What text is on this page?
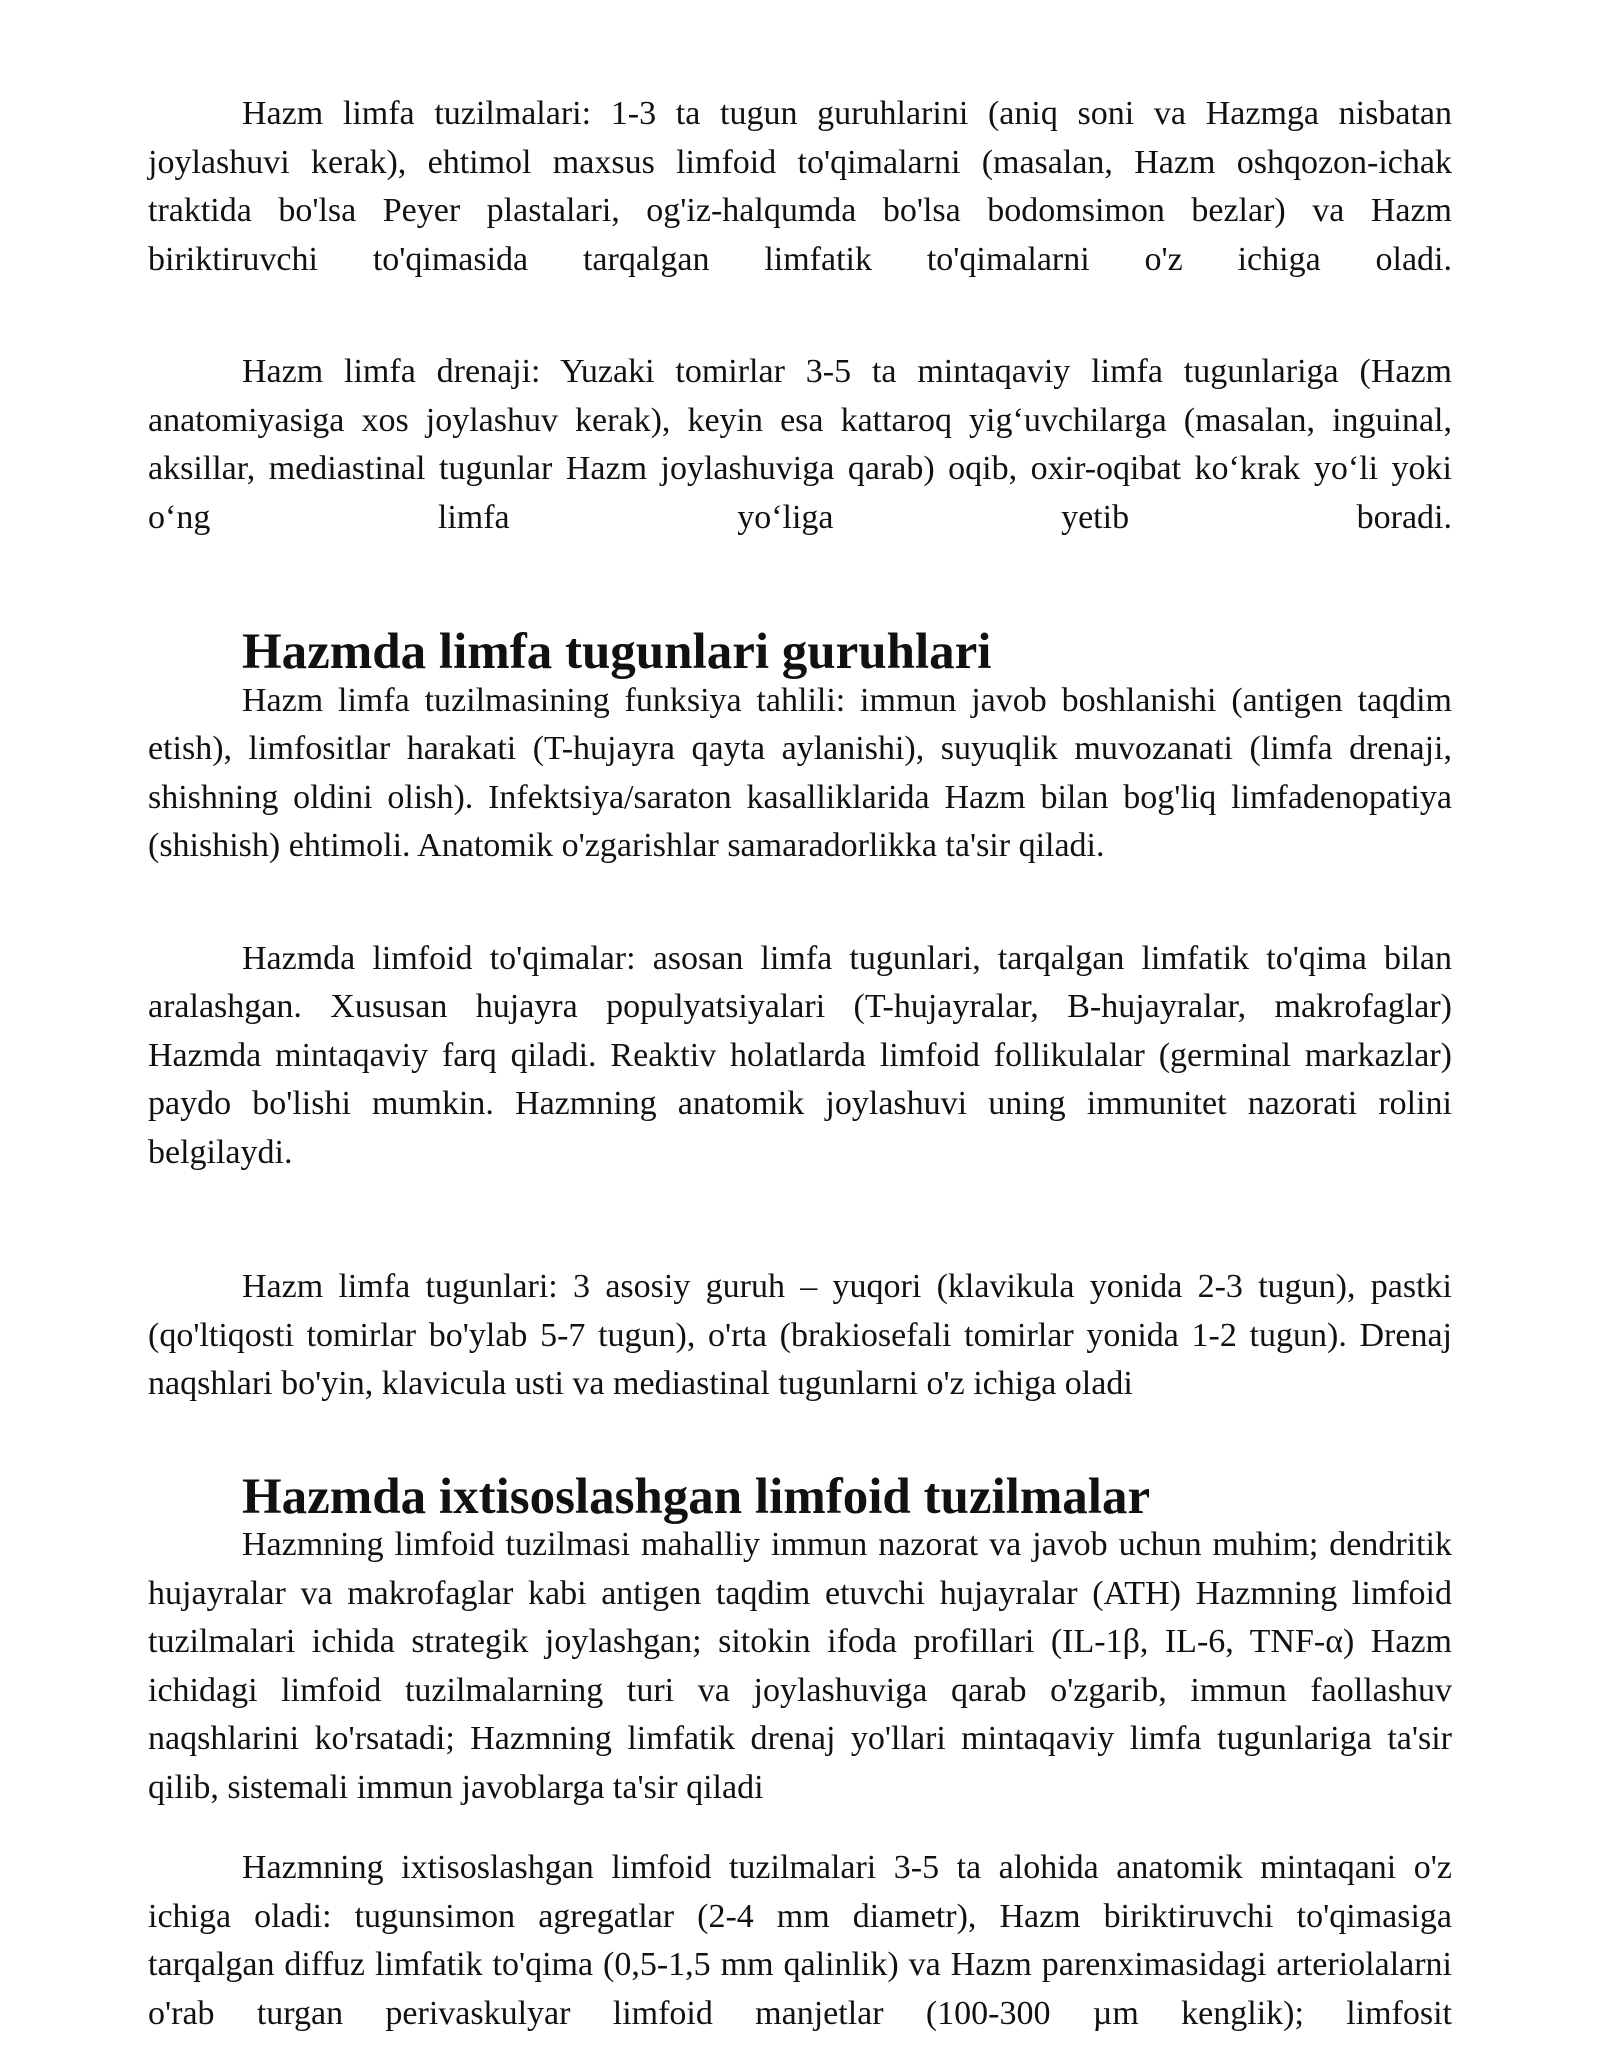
Hazm limfa tuzilmalari: 1-3 ta tugun guruhlarini (aniq soni va Hazmga nisbatan joylashuvi kerak), ehtimol maxsus limfoid to'qimalarni (masalan, Hazm oshqozon-ichak traktida bo'lsa Peyer plastalari, og'iz-halqumda bo'lsa bodomsimon bezlar) va Hazm biriktiruvchi to'qimasida tarqalgan limfatik to'qimalarni o'z ichiga oladi.

Hazm limfa drenaji: Yuzaki tomirlar 3-5 ta mintaqaviy limfa tugunlariga (Hazm anatomiyasiga xos joylashuv kerak), keyin esa kattaroq yig‘uvchilarga (masalan, inguinal, aksillar, mediastinal tugunlar Hazm joylashuviga qarab) oqib, oxir-oqibat ko‘krak yo‘li yoki o‘ng limfa yo‘liga yetib boradi.

Hazmda limfa tugunlari guruhlari

Hazm limfa tuzilmasining funksiya tahlili: immun javob boshlanishi (antigen taqdim etish), limfositlar harakati (T-hujayra qayta aylanishi), suyuqlik muvozanati (limfa drenaji, shishning oldini olish). Infektsiya/saraton kasalliklarida Hazm bilan bog'liq limfadenopatiya (shishish) ehtimoli. Anatomik o'zgarishlar samaradorlikka ta'sir qiladi.

Hazmda limfoid to'qimalar: asosan limfa tugunlari, tarqalgan limfatik to'qima bilan aralashgan. Xususan hujayra populyatsiyalari (T-hujayralar, B-hujayralar, makrofaglar) Hazmda mintaqaviy farq qiladi. Reaktiv holatlarda limfoid follikulalar (germinal markazlar) paydo bo'lishi mumkin. Hazmning anatomik joylashuvi uning immunitet nazorati rolini belgilaydi.

Hazm limfa tugunlari: 3 asosiy guruh – yuqori (klavikula yonida 2-3 tugun), pastki (qo'ltiqosti tomirlar bo'ylab 5-7 tugun), o'rta (brakiosefali tomirlar yonida 1-2 tugun). Drenaj naqshlari bo'yin, klavicula usti va mediastinal tugunlarni o'z ichiga oladi

Hazmda ixtisoslashgan limfoid tuzilmalar

Hazmning limfoid tuzilmasi mahalliy immun nazorat va javob uchun muhim; dendritik hujayralar va makrofaglar kabi antigen taqdim etuvchi hujayralar (ATH) Hazmning limfoid tuzilmalari ichida strategik joylashgan; sitokin ifoda profillari (IL-1β, IL-6, TNF-α) Hazm ichidagi limfoid tuzilmalarning turi va joylashuviga qarab o'zgarib, immun faollashuv naqshlarini ko'rsatadi; Hazmning limfatik drenaj yo'llari mintaqaviy limfa tugunlariga ta'sir qilib, sistemali immun javoblarga ta'sir qiladi

Hazmning ixtisoslashgan limfoid tuzilmalari 3-5 ta alohida anatomik mintaqani o'z ichiga oladi: tugunsimon agregatlar (2-4 mm diametr), Hazm biriktiruvchi to'qimasiga tarqalgan diffuz limfatik to'qima (0,5-1,5 mm qalinlik) va Hazm parenximasidagi arteriolalarni o'rab turgan perivaskulyar limfoid manjetlar (100-300 µm kenglik); limfosit
